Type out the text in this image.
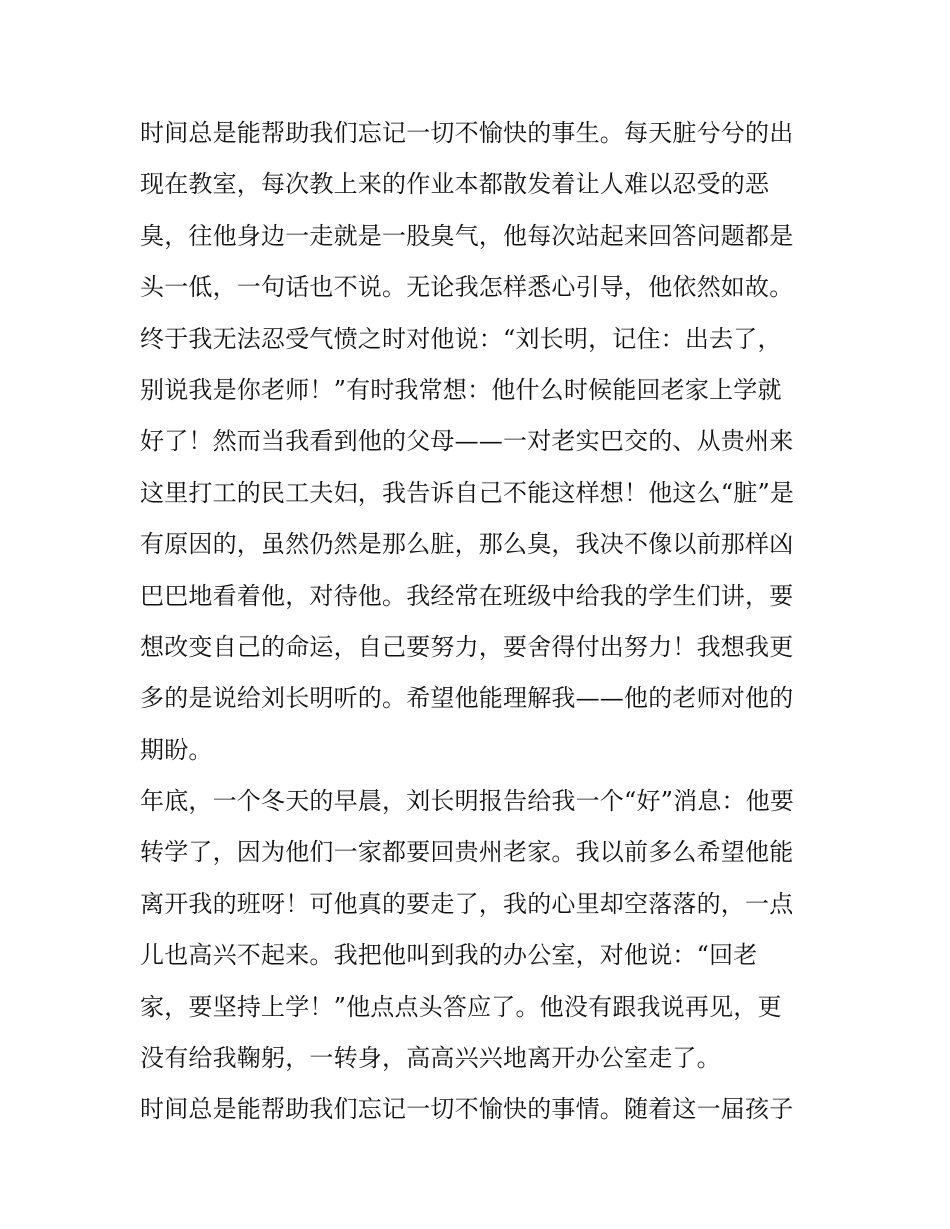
时间总是能帮助我们忘记一切不愉快的事生。每天脏兮兮的出
现在教室，每次教上来的作业本都散发着让人难以忍受的恶
臭，往他身边一走就是一股臭气，他每次站起来回答问题都是
头一低，一句话也不说。无论我怎样悉心引导，他依然如故。
终于我无法忍受气愤之时对他说：“刘长明，记住：出去了，
别说我是你老师！”有时我常想：他什么时候能回老家上学就
好了！然而当我看到他的父母——一对老实巴交的、从贵州来
这里打工的民工夫妇，我告诉自己不能这样想！他这么“脏”是
有原因的，虽然仍然是那么脏，那么臭，我决不像以前那样凶
巴巴地看着他，对待他。我经常在班级中给我的学生们讲，要
想改变自己的命运，自己要努力，要舍得付出努力！我想我更
多的是说给刘长明听的。希望他能理解我——他的老师对他的
期盼。
年底，一个冬天的早晨，刘长明报告给我一个“好”消息：他要
转学了，因为他们一家都要回贵州老家。我以前多么希望他能
离开我的班呀！可他真的要走了，我的心里却空落落的，一点
儿也高兴不起来。我把他叫到我的办公室，对他说：“回老
家，要坚持上学！”他点点头答应了。他没有跟我说再见，更
没有给我鞠躬，一转身，高高兴兴地离开办公室走了。
时间总是能帮助我们忘记一切不愉快的事情。随着这一届孩子
